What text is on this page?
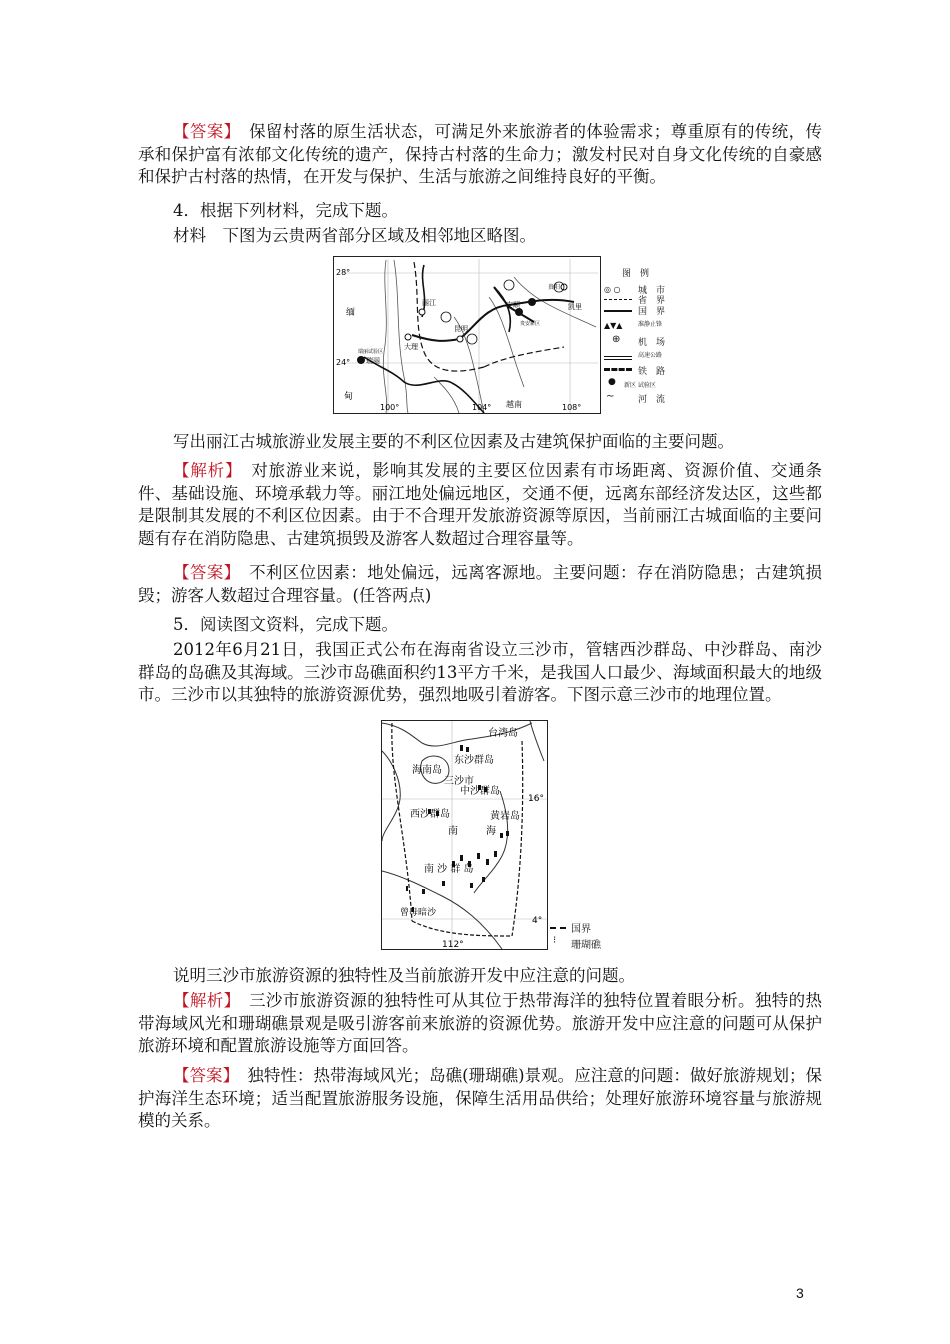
【答案】　保留村落的原生活状态，可满足外来旅游者的体验需求；尊重原有的传统，传承和保护富有浓郁文化传统的遗产，保持古村落的生命力；激发村民对自身文化传统的自豪感和保护古村落的热情，在开发与保护、生活与旅游之间维持良好的平衡。

4．根据下列材料，完成下题。

材料　下图为云贵两省部分区域及相邻地区略图。

28°
24°
100°	104°	108°
缅
甸
越南
丽江
大理
昆明
贵阳
安顺	凯里
贵安新区
瑞丽试验区
瑞丽
图　例
◎ ○ 城　市
省　界
国　界
▲▼▲	准静止锋
⊕ 机　场
高速公路
铁　路
● 新区 试验区
∼	河　流

写出丽江古城旅游业发展主要的不利区位因素及古建筑保护面临的主要问题。

【解析】　对旅游业来说，影响其发展的主要区位因素有市场距离、资源价值、交通条件、基础设施、环境承载力等。丽江地处偏远地区，交通不便，远离东部经济发达区，这些都是限制其发展的不利区位因素。由于不合理开发旅游资源等原因，当前丽江古城面临的主要问题有存在消防隐患、古建筑损毁及游客人数超过合理容量等。

【答案】　不利区位因素：地处偏远，远离客源地。主要问题：存在消防隐患；古建筑损毁；游客人数超过合理容量。(任答两点)

5．阅读图文资料，完成下题。

2012年6月21日，我国正式公布在海南省设立三沙市，管辖西沙群岛、中沙群岛、南沙群岛的岛礁及其海域。三沙市岛礁面积约13平方千米，是我国人口最少、海域面积最大的地级市。三沙市以其独特的旅游资源优势，强烈地吸引着游客。下图示意三沙市的地理位置。

台湾岛
东沙群岛
海南岛
三沙市
中沙群岛
16°
西沙群岛	黄岩岛
南	海
南 沙 群 岛
曾母暗沙
4°
112°
国界
⁝ 珊瑚礁

说明三沙市旅游资源的独特性及当前旅游开发中应注意的问题。

【解析】　三沙市旅游资源的独特性可从其位于热带海洋的独特位置着眼分析。独特的热带海域风光和珊瑚礁景观是吸引游客前来旅游的资源优势。旅游开发中应注意的问题可从保护旅游环境和配置旅游设施等方面回答。

【答案】　独特性：热带海域风光；岛礁(珊瑚礁)景观。应注意的问题：做好旅游规划；保护海洋生态环境；适当配置旅游服务设施，保障生活用品供给；处理好旅游环境容量与旅游规模的关系。

3
